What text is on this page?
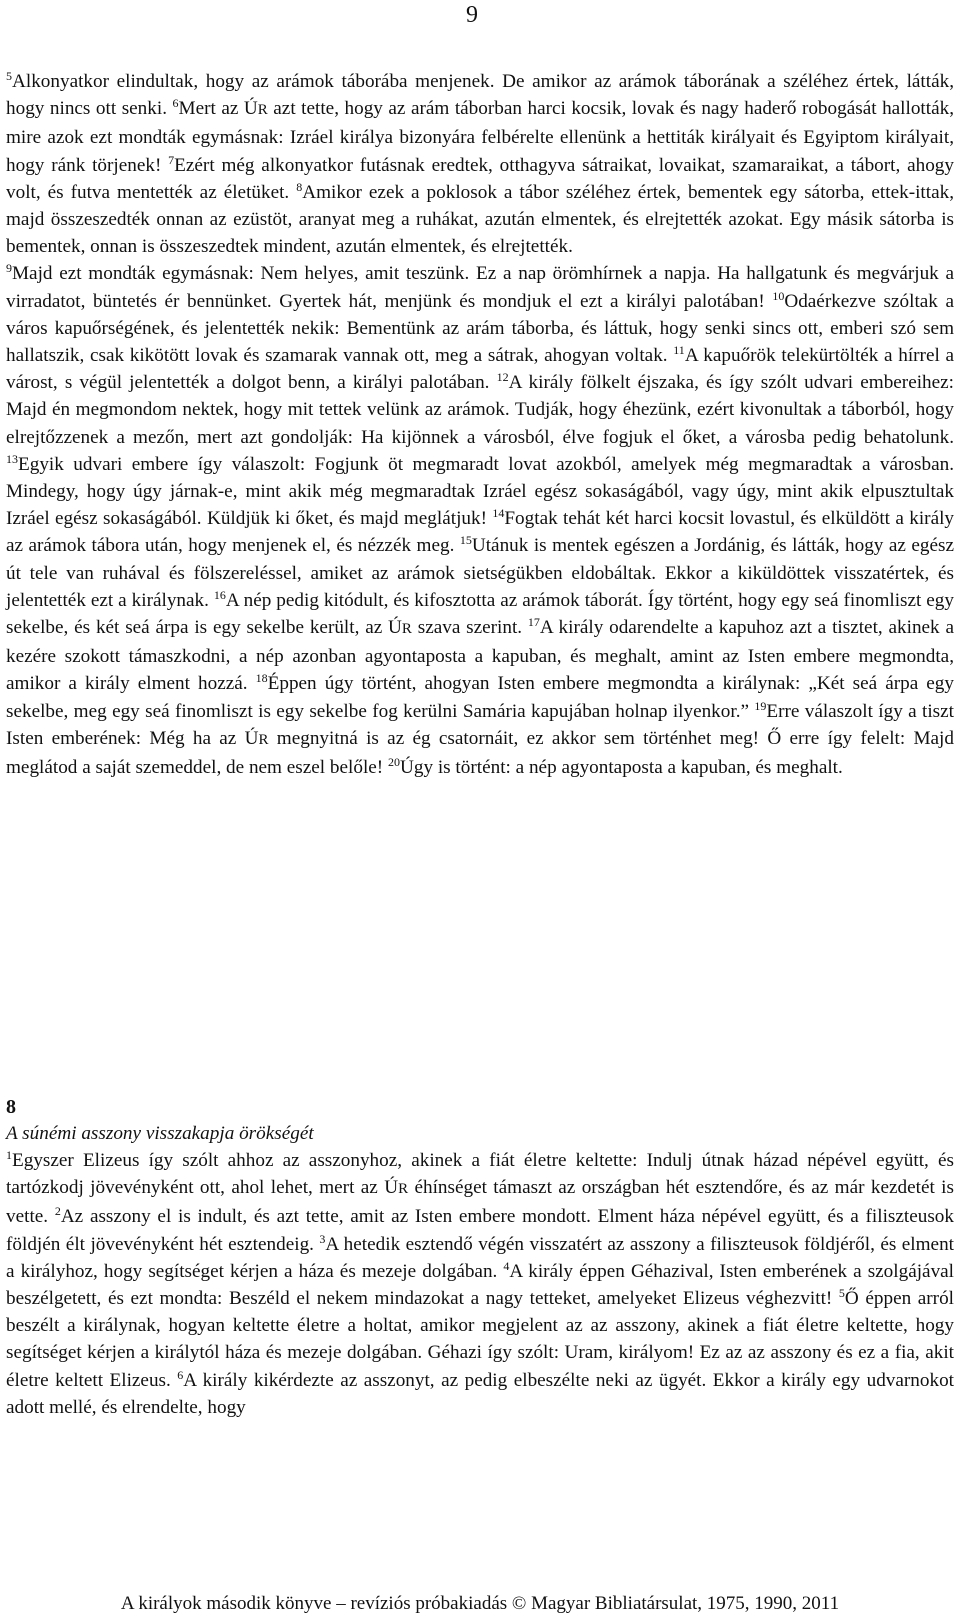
9

$^5$Alkonyatkor elindultak, hogy az arámok táborába menjenek. De amikor az arámok táborának a széléhez értek, látták, hogy nincs ott senki. $^6$Mert az ÚR azt tette, hogy az arám táborban harci kocsik, lovak és nagy haderő robogását hallották, mire azok ezt mondták egymásnak: Izráel királya bizonyára felbérelte ellenünk a hettiták királyait és Egyiptom királyait, hogy ránk törjenek! $^7$Ezért még alkonyatkor futásnak eredtek, otthagyva sátraikat, lovaikat, szamaraikat, a tábort, ahogy volt, és futva mentették az életüket. $^8$Amikor ezek a poklosok a tábor széléhez értek, bementek egy sátorba, ettek-ittak, majd összeszedték onnan az ezüstöt, aranyat meg a ruhákat, azután elmentek, és elrejtették azokat. Egy másik sátorba is bementek, onnan is összeszedtek mindent, azután elmentek, és elrejtették.

$^9$Majd ezt mondták egymásnak: Nem helyes, amit teszünk. Ez a nap örömhírnek a napja. Ha hallgatunk és megvárjuk a virradatot, büntetés ér bennünket. Gyertek hát, menjünk és mondjuk el ezt a királyi palotában! $^{10}$Odaérkezve szóltak a város kapuőrségének, és jelentették nekik: Bementünk az arám táborba, és láttuk, hogy senki sincs ott, emberi szó sem hallatszik, csak kikötött lovak és szamarak vannak ott, meg a sátrak, ahogyan voltak. $^{11}$A kapuőrök telekürtölték a hírrel a várost, s végül jelentették a dolgot benn, a királyi palotában. $^{12}$A király fölkelt éjszaka, és így szólt udvari embereihez: Majd én megmondom nektek, hogy mit tettek velünk az arámok. Tudják, hogy éhezünk, ezért kivonultak a táborból, hogy elrejtőzzenek a mezőn, mert azt gondolják: Ha kijönnek a városból, élve fogjuk el őket, a városba pedig behatolunk. $^{13}$Egyik udvari embere így válaszolt: Fogjunk öt megmaradt lovat azokból, amelyek még megmaradtak a városban. Mindegy, hogy úgy járnak-e, mint akik még megmaradtak Izráel egész sokaságából, vagy úgy, mint akik elpusztultak Izráel egész sokaságából. Küldjük ki őket, és majd meglátjuk! $^{14}$Fogtak tehát két harci kocsit lovastul, és elküldött a király az arámok tábora után, hogy menjenek el, és nézzék meg. $^{15}$Utánuk is mentek egészen a Jordánig, és látták, hogy az egész út tele van ruhával és fölszereléssel, amiket az arámok sietségükben eldobáltak. Ekkor a kiküldöttek visszatértek, és jelentették ezt a királynak. $^{16}$A nép pedig kitódult, és kifosztotta az arámok táborát. Így történt, hogy egy seá finomliszt egy sekelbe, és két seá árpa is egy sekelbe került, az ÚR szava szerint. $^{17}$A király odarendelte a kapuhoz azt a tisztet, akinek a kezére szokott támaszkodni, a nép azonban agyontaposta a kapuban, és meghalt, amint az Isten embere megmondta, amikor a király elment hozzá. $^{18}$Éppen úgy történt, ahogyan Isten embere megmondta a királynak: „Két seá árpa egy sekelbe, meg egy seá finomliszt is egy sekelbe fog kerülni Samária kapujában holnap ilyenkor.” $^{19}$Erre válaszolt így a tiszt Isten emberének: Még ha az ÚR megnyitná is az ég csatornáit, ez akkor sem történhet meg! Ő erre így felelt: Majd meglátod a saját szemeddel, de nem eszel belőle! $^{20}$Úgy is történt: a nép agyontaposta a kapuban, és meghalt.

8

A súnémi asszony visszakapja örökségét

$^1$Egyszer Elizeus így szólt ahhoz az asszonyhoz, akinek a fiát életre keltette: Indulj útnak házad népével együtt, és tartózkodj jövevényként ott, ahol lehet, mert az ÚR éhínséget támaszt az országban hét esztendőre, és az már kezdetét is vette. $^2$Az asszony el is indult, és azt tette, amit az Isten embere mondott. Elment háza népével együtt, és a filiszteusok földjén élt jövevényként hét esztendeig. $^3$A hetedik esztendő végén visszatért az asszony a filiszteusok földjéről, és elment a királyhoz, hogy segítséget kérjen a háza és mezeje dolgában. $^4$A király éppen Géhazival, Isten emberének a szolgájával beszélgetett, és ezt mondta: Beszéld el nekem mindazokat a nagy tetteket, amelyeket Elizeus véghezvitt! $^5$Ő éppen arról beszélt a királynak, hogyan keltette életre a holtat, amikor megjelent az az asszony, akinek a fiát életre keltette, hogy segítséget kérjen a királytól háza és mezeje dolgában. Géhazi így szólt: Uram, királyom! Ez az az asszony és ez a fia, akit életre keltett Elizeus. $^6$A király kikérdezte az asszonyt, az pedig elbeszélte neki az ügyét. Ekkor a király egy udvarnokot adott mellé, és elrendelte, hogy

A királyok második könyve – revíziós próbakiadás © Magyar Bibliatársulat, 1975, 1990, 2011
